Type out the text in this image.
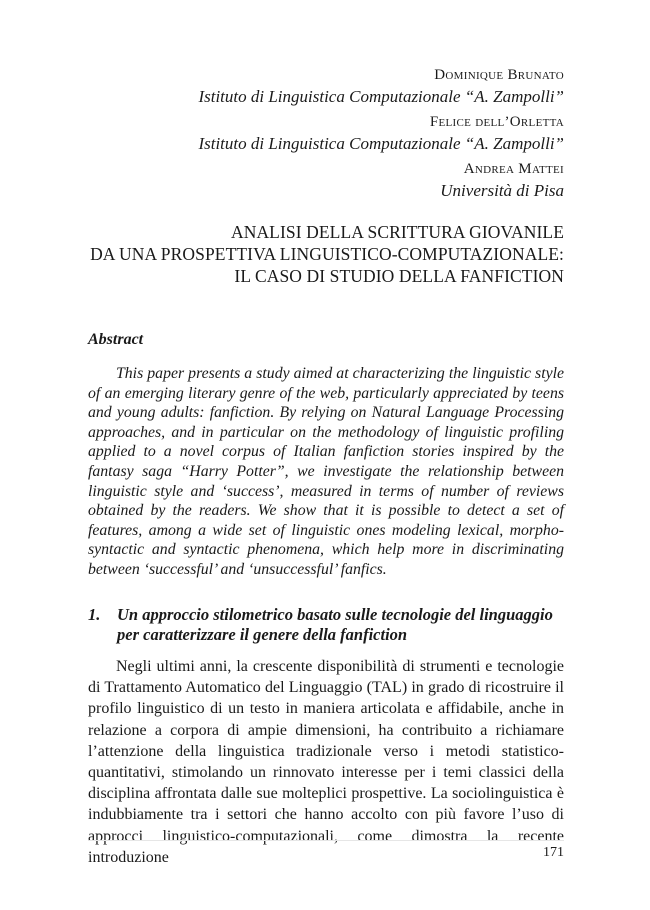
Dominique Brunato
Istituto di Linguistica Computazionale “A. Zampolli”
Felice dell’Orletta
Istituto di Linguistica Computazionale “A. Zampolli”
Andrea Mattei
Università di Pisa
ANALISI DELLA SCRITTURA GIOVANILE
DA UNA PROSPETTIVA LINGUISTICO-COMPUTAZIONALE:
IL CASO DI STUDIO DELLA FANFICTION
Abstract
This paper presents a study aimed at characterizing the linguistic style of an emerging literary genre of the web, particularly appreciated by teens and young adults: fanfiction. By relying on Natural Language Processing approaches, and in particular on the methodology of linguistic profiling applied to a novel corpus of Italian fanfiction stories inspired by the fantasy saga “Harry Potter”, we investigate the relationship between linguistic style and ‘success’, measured in terms of number of reviews obtained by the readers. We show that it is possible to detect a set of features, among a wide set of linguistic ones modeling lexical, morpho-syntactic and syntactic phenomena, which help more in discriminating between ‘successful’ and ‘unsuccessful’ fanfics.
1. Un approccio stilometrico basato sulle tecnologie del linguaggio per caratterizzare il genere della fanfiction
Negli ultimi anni, la crescente disponibilità di strumenti e tecnologie di Trattamento Automatico del Linguaggio (TAL) in grado di ricostruire il profilo linguistico di un testo in maniera articolata e affidabile, anche in relazione a corpora di ampie dimensioni, ha contribuito a richiamare l’attenzione della linguistica tradizionale verso i metodi statistico-quantitativi, stimolando un rinnovato interesse per i temi classici della disciplina affrontata dalle sue molteplici prospettive. La sociolinguistica è indubbiamente tra i settori che hanno accolto con più favore l’uso di approcci linguistico-computazionali, come dimostra la recente introduzione	171
